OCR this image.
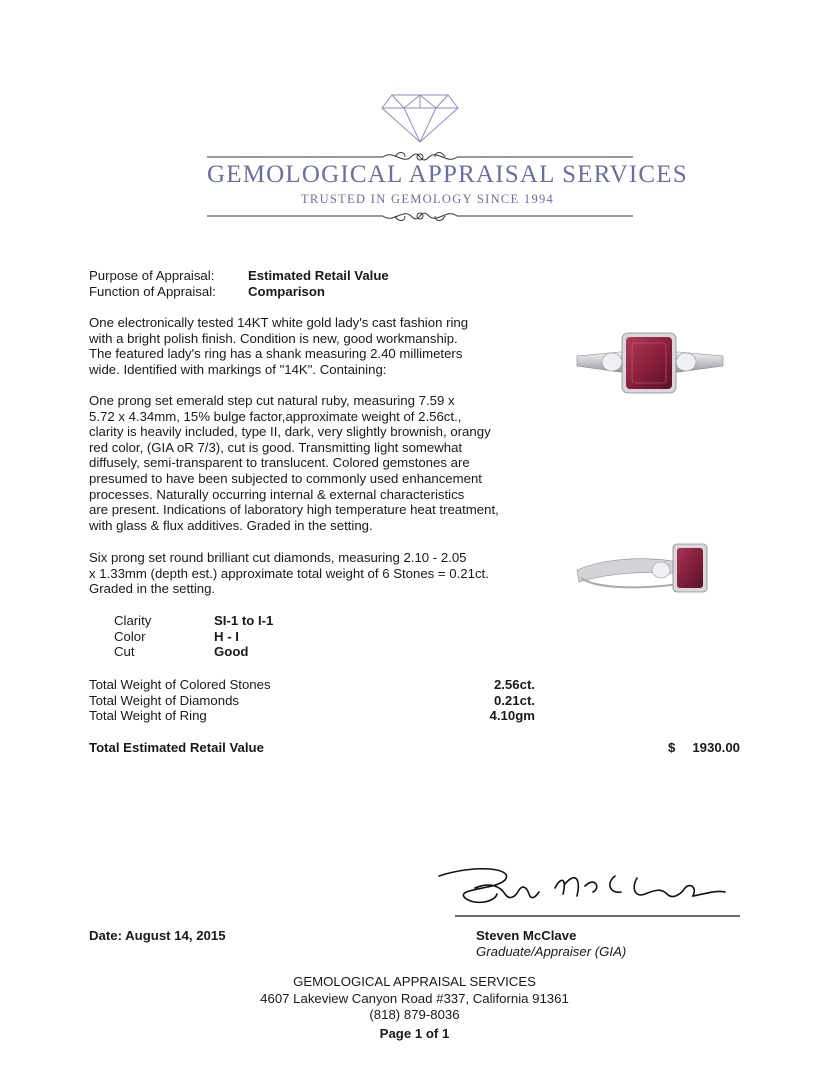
GEMOLOGICAL APPRAISAL SERVICES
TRUSTED IN GEMOLOGY SINCE 1994
Purpose of Appraisal:	Estimated Retail Value
Function of Appraisal: Comparison
One electronically tested 14KT white gold lady's cast fashion ring
with a bright polish finish. Condition is new, good workmanship.
The featured lady's ring has a shank measuring 2.40 millimeters
wide. Identified with markings of "14K". Containing:
One prong set emerald step cut natural ruby, measuring 7.59 x
5.72 x 4.34mm, 15% bulge factor,approximate weight of 2.56ct.,
clarity is heavily included, type II, dark, very slightly brownish, orangy
red color, (GIA oR 7/3), cut is good. Transmitting light somewhat
diffusely, semi-transparent to translucent. Colored gemstones are
presumed to have been subjected to commonly used enhancement
processes. Naturally occurring internal & external characteristics
are present. Indications of laboratory high temperature heat treatment,
with glass & flux additives. Graded in the setting.
Six prong set round brilliant cut diamonds, measuring 2.10 - 2.05
x 1.33mm (depth est.) approximate total weight of 6 Stones = 0.21ct.
Graded in the setting.
Clarity	SI-1 to I-1
Color	H - I
Cut	Good
Total Weight of Colored Stones	2.56ct.
Total Weight of Diamonds	0.21ct.
Total Weight of Ring	4.10gm
Total Estimated Retail Value	$ 1930.00
Date: August 14, 2015	Steven McClave
Graduate/Appraiser (GIA)
GEMOLOGICAL APPRAISAL SERVICES
4607 Lakeview Canyon Road #337, California 91361
(818) 879-8036
Page 1 of 1
